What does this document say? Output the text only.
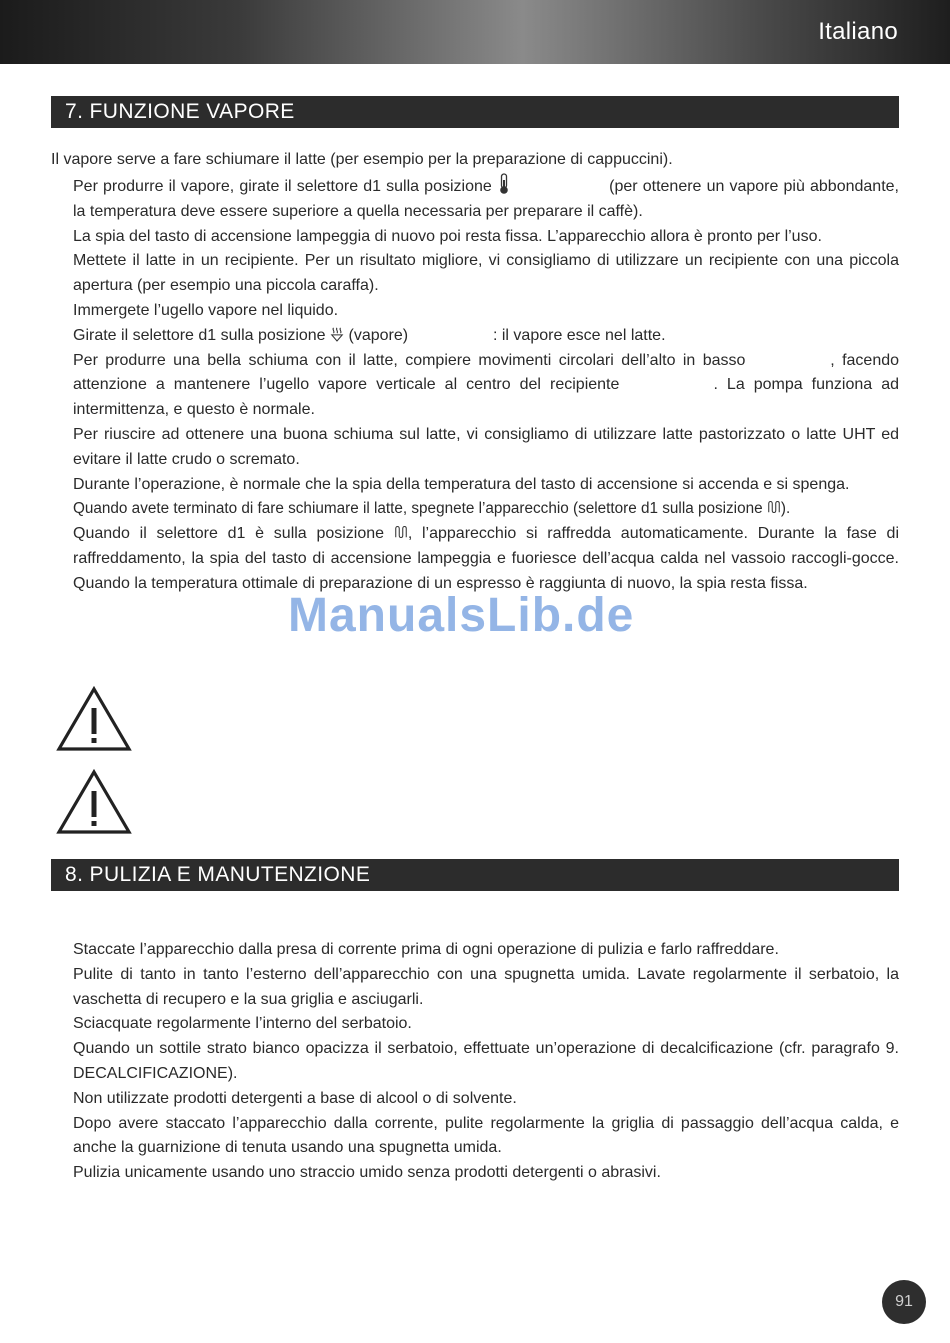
Italiano
7. FUNZIONE VAPORE
Il vapore serve a fare schiumare il latte (per esempio per la preparazione di cappuccini).

Per produrre il vapore, girate il selettore d1 sulla posizione	(per ottenere un vapore più abbondante, la temperatura deve essere superiore a quella necessaria per preparare il caffè).

La spia del tasto di accensione lampeggia di nuovo poi resta fissa. L’apparecchio allora è pronto per l’uso.

Mettete il latte in un recipiente. Per un risultato migliore, vi consigliamo di utilizzare un recipiente con una piccola apertura (per esempio una piccola caraffa).

Immergete l’ugello vapore nel liquido.

Girate il selettore d1 sulla posizione (vapore)	: il vapore esce nel latte.

Per produrre una bella schiuma con il latte, compiere movimenti circolari dell’alto in basso	, facendo attenzione a mantenere l’ugello vapore verticale al centro del recipiente	. La pompa funziona ad intermittenza, e questo è normale.

Per riuscire ad ottenere una buona schiuma sul latte, vi consigliamo di utilizzare latte pastorizzato o latte UHT ed evitare il latte crudo o scremato.

Durante l’operazione, è normale che la spia della temperatura del tasto di accensione si accenda e si spenga.

Quando avete terminato di fare schiumare il latte, spegnete l’apparecchio (selettore d1 sulla posizione ).

Quando il selettore d1 è sulla posizione , l’apparecchio si raffredda automaticamente. Durante la fase di raffreddamento, la spia del tasto di accensione lampeggia e fuoriesce dell’acqua calda nel vassoio raccogli-gocce. Quando la temperatura ottimale di preparazione di un espresso è raggiunta di nuovo, la spia resta fissa.

ManualsLib.de
8. PULIZIA E MANUTENZIONE

Staccate l’apparecchio dalla presa di corrente prima di ogni operazione di pulizia e farlo raffreddare.

Pulite di tanto in tanto l’esterno dell’apparecchio con una spugnetta umida. Lavate regolarmente il serbatoio, la vaschetta di recupero e la sua griglia e asciugarli.

Sciacquate regolarmente l’interno del serbatoio.

Quando un sottile strato bianco opacizza il serbatoio, effettuate un’operazione di decalcificazione (cfr. paragrafo 9. DECALCIFICAZIONE).

Non utilizzate prodotti detergenti a base di alcool o di solvente.

Dopo avere staccato l’apparecchio dalla corrente, pulite regolarmente la griglia di passaggio dell’acqua calda, e anche la guarnizione di tenuta usando una spugnetta umida.

Pulizia unicamente usando uno straccio umido senza prodotti detergenti o abrasivi.

91
